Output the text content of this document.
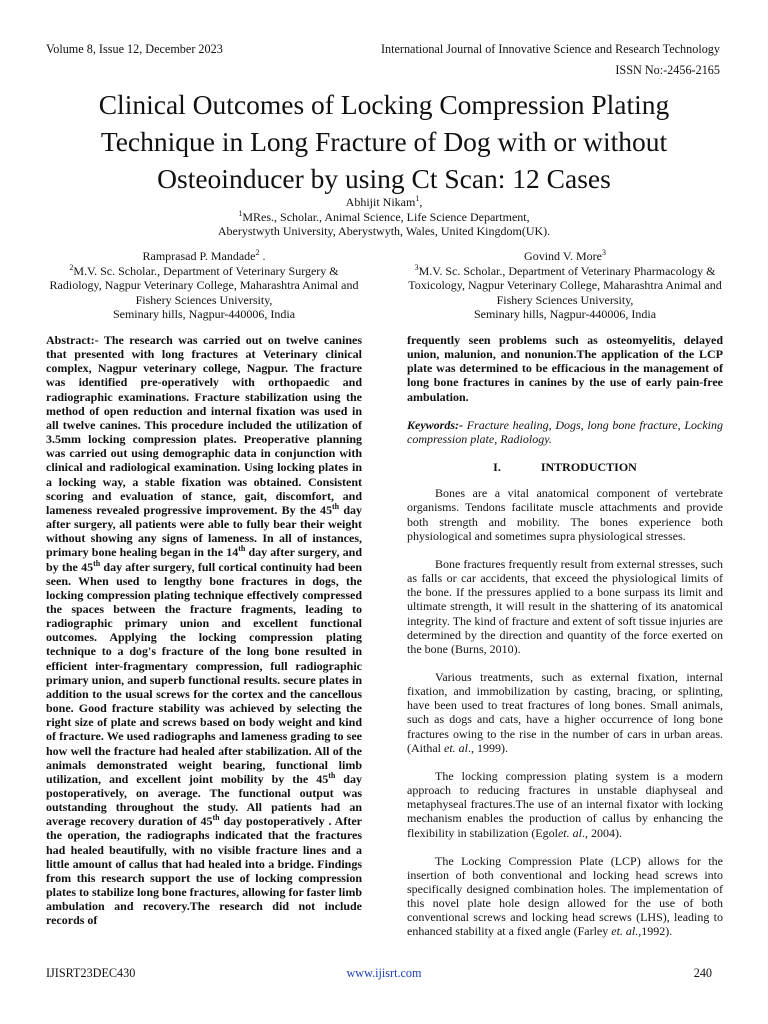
Volume 8, Issue 12, December 2023	International Journal of Innovative Science and Research Technology
ISSN No:-2456-2165
Clinical Outcomes of Locking Compression Plating Technique in Long Fracture of Dog with or without Osteoinducer by using Ct Scan: 12 Cases
Abhijit Nikam$^1$,
$^1$MRes., Scholar., Animal Science, Life Science Department,
Aberystwyth University, Aberystwyth, Wales, United Kingdom(UK).
Ramprasad P. Mandade$^2$ .
$^2$M.V. Sc. Scholar., Department of Veterinary Surgery & Radiology, Nagpur Veterinary College, Maharashtra Animal and Fishery Sciences University,
Seminary hills, Nagpur-440006, India
Govind V. More$^3$
$^3$M.V. Sc. Scholar., Department of Veterinary Pharmacology & Toxicology, Nagpur Veterinary College, Maharashtra Animal and Fishery Sciences University,
Seminary hills, Nagpur-440006, India

Abstract:- The research was carried out on twelve canines that presented with long fractures at Veterinary clinical complex, Nagpur veterinary college, Nagpur. The fracture was identified pre-operatively with orthopaedic and radiographic examinations. Fracture stabilization using the method of open reduction and internal fixation was used in all twelve canines. This procedure included the utilization of 3.5mm locking compression plates. Preoperative planning was carried out using demographic data in conjunction with clinical and radiological examination. Using locking plates in a locking way, a stable fixation was obtained. Consistent scoring and evaluation of stance, gait, discomfort, and lameness revealed progressive improvement. By the 45th day after surgery, all patients were able to fully bear their weight without showing any signs of lameness. In all of instances, primary bone healing began in the 14th day after surgery, and by the 45th day after surgery, full cortical continuity had been seen. When used to lengthy bone fractures in dogs, the locking compression plating technique effectively compressed the spaces between the fracture fragments, leading to radiographic primary union and excellent functional outcomes. Applying the locking compression plating technique to a dog's fracture of the long bone resulted in efficient inter-fragmentary compression, full radiographic primary union, and superb functional results. secure plates in addition to the usual screws for the cortex and the cancellous bone. Good fracture stability was achieved by selecting the right size of plate and screws based on body weight and kind of fracture. We used radiographs and lameness grading to see how well the fracture had healed after stabilization. All of the animals demonstrated weight bearing, functional limb utilization, and excellent joint mobility by the 45th day postoperatively, on average. The functional output was outstanding throughout the study. All patients had an average recovery duration of 45th day postoperatively . After the operation, the radiographs indicated that the fractures had healed beautifully, with no visible fracture lines and a little amount of callus that had healed into a bridge. Findings from this research support the use of locking compression plates to stabilize long bone fractures, allowing for faster limb ambulation and recovery.The research did not include records of

frequently seen problems such as osteomyelitis, delayed union, malunion, and nonunion.The application of the LCP plate was determined to be efficacious in the management of long bone fractures in canines by the use of early pain-free ambulation.

Keywords:- Fracture healing, Dogs, long bone fracture, Locking compression plate, Radiology.

I.	INTRODUCTION

Bones are a vital anatomical component of vertebrate organisms. Tendons facilitate muscle attachments and provide both strength and mobility. The bones experience both physiological and sometimes supra physiological stresses.

Bone fractures frequently result from external stresses, such as falls or car accidents, that exceed the physiological limits of the bone. If the pressures applied to a bone surpass its limit and ultimate strength, it will result in the shattering of its anatomical integrity. The kind of fracture and extent of soft tissue injuries are determined by the direction and quantity of the force exerted on the bone (Burns, 2010).

Various treatments, such as external fixation, internal fixation, and immobilization by casting, bracing, or splinting, have been used to treat fractures of long bones. Small animals, such as dogs and cats, have a higher occurrence of long bone fractures owing to the rise in the number of cars in urban areas. (Aithal et. al., 1999).

The locking compression plating system is a modern approach to reducing fractures in unstable diaphyseal and metaphyseal fractures.The use of an internal fixator with locking mechanism enables the production of callus by enhancing the flexibility in stabilization (Egolet. al., 2004).

The Locking Compression Plate (LCP) allows for the insertion of both conventional and locking head screws into specifically designed combination holes. The implementation of this novel plate hole design allowed for the use of both conventional screws and locking head screws (LHS), leading to enhanced stability at a fixed angle (Farley et. al.,1992).

IJISRT23DEC430	www.ijisrt.com	240
